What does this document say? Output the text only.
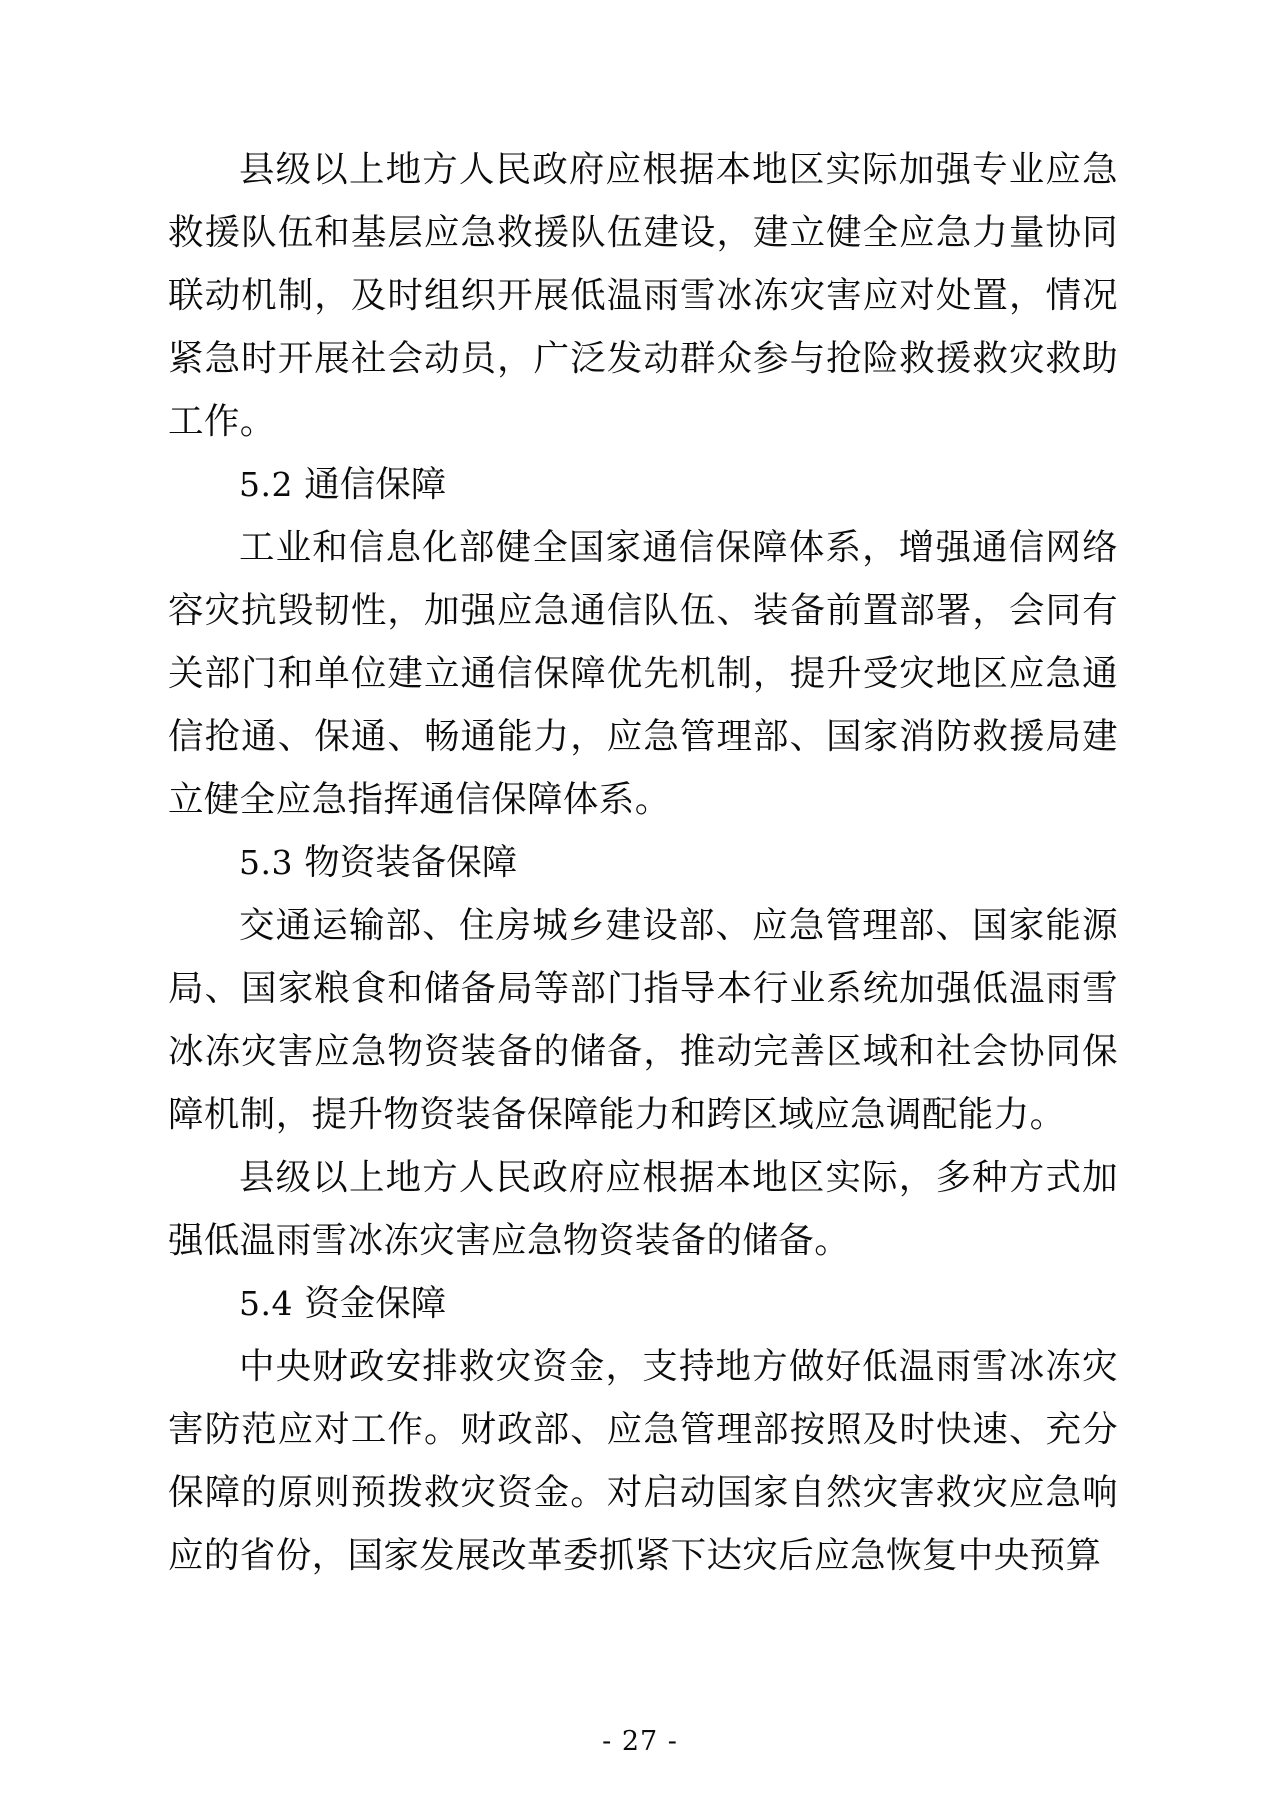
县级以上地方人民政府应根据本地区实际加强专业应急救援队伍和基层应急救援队伍建设，建立健全应急力量协同联动机制，及时组织开展低温雨雪冰冻灾害应对处置，情况紧急时开展社会动员，广泛发动群众参与抢险救援救灾救助工作。

5.2 通信保障

工业和信息化部健全国家通信保障体系，增强通信网络容灾抗毁韧性，加强应急通信队伍、装备前置部署，会同有关部门和单位建立通信保障优先机制，提升受灾地区应急通信抢通、保通、畅通能力，应急管理部、国家消防救援局建立健全应急指挥通信保障体系。

5.3 物资装备保障

交通运输部、住房城乡建设部、应急管理部、国家能源局、国家粮食和储备局等部门指导本行业系统加强低温雨雪冰冻灾害应急物资装备的储备，推动完善区域和社会协同保障机制，提升物资装备保障能力和跨区域应急调配能力。

县级以上地方人民政府应根据本地区实际，多种方式加强低温雨雪冰冻灾害应急物资装备的储备。

5.4 资金保障

中央财政安排救灾资金，支持地方做好低温雨雪冰冻灾害防范应对工作。财政部、应急管理部按照及时快速、充分保障的原则预拨救灾资金。对启动国家自然灾害救灾应急响应的省份，国家发展改革委抓紧下达灾后应急恢复中央预算

- 27 -
